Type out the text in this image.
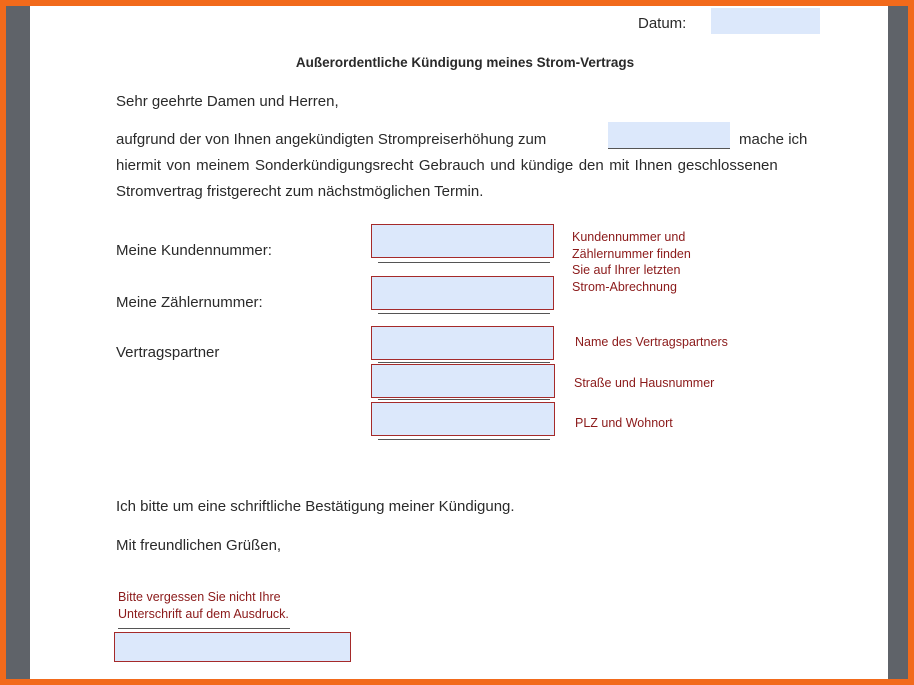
Datum:
Außerordentliche Kündigung meines Strom-Vertrags
Sehr geehrte Damen und Herren,
aufgrund der von Ihnen angekündigten Strompreiserhöhung zum	mache ich
hiermit von meinem Sonderkündigungsrecht Gebrauch und kündige den mit Ihnen geschlossenen
Stromvertrag fristgerecht zum nächstmöglichen Termin.
Meine Kundennummer:
Kundennummer und
Zählernummer finden
Sie auf Ihrer letzten
Strom-Abrechnung
Meine Zählernummer:
Vertragspartner
Name des Vertragspartners
Straße und Hausnummer
PLZ und Wohnort
Ich bitte um eine schriftliche Bestätigung meiner Kündigung.
Mit freundlichen Grüßen,
Bitte vergessen Sie nicht Ihre
Unterschrift auf dem Ausdruck.
